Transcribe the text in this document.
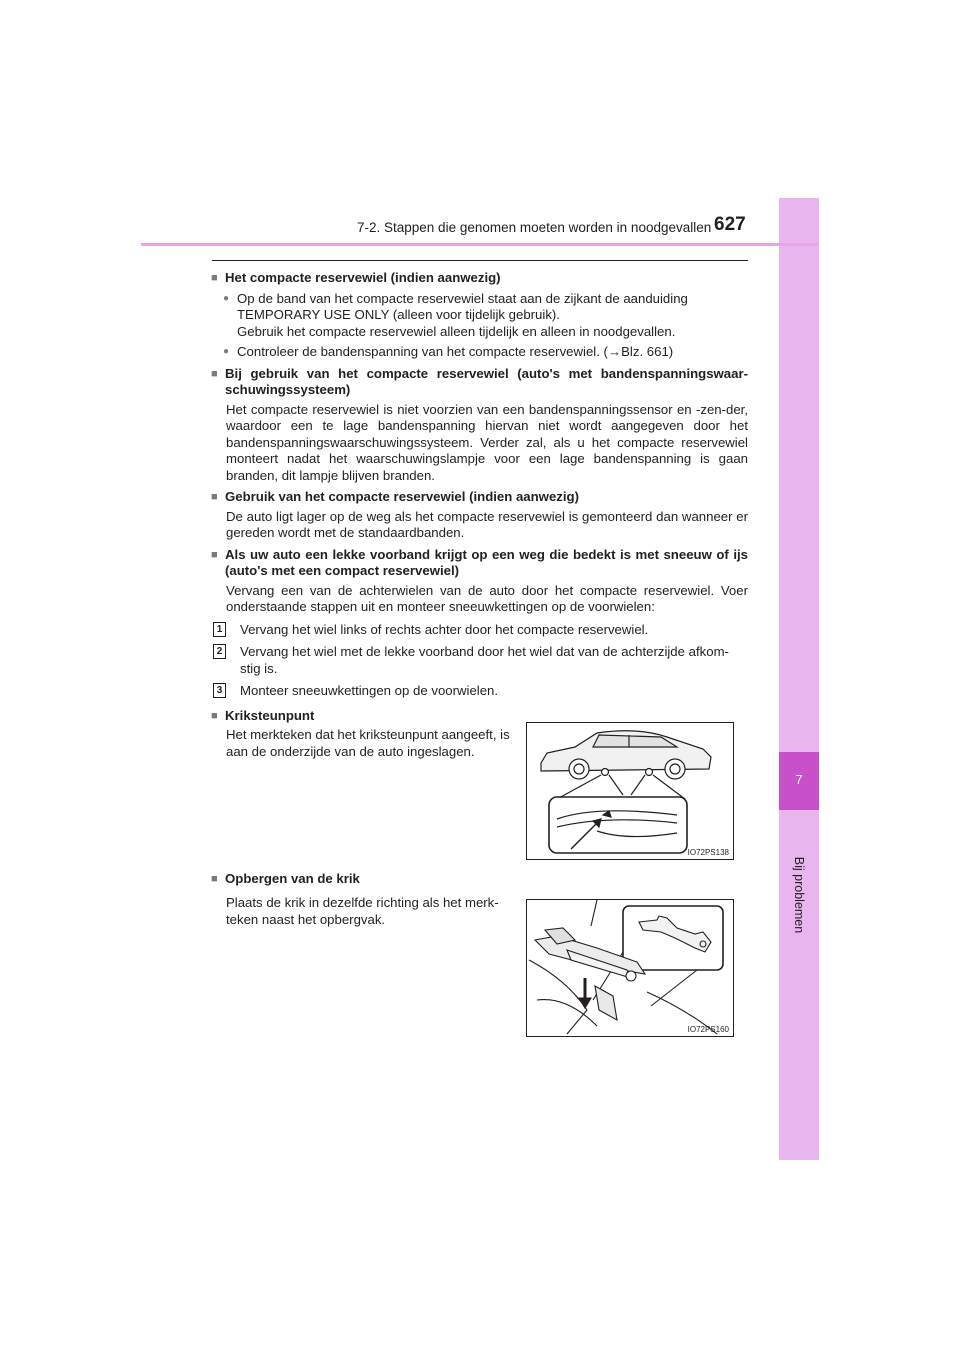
7
Bij problemen
7-2. Stappen die genomen moeten worden in noodgevallen 627
■ Het compacte reservewiel (indien aanwezig)
● Op de band van het compacte reservewiel staat aan de zijkant de aanduiding
TEMPORARY USE ONLY (alleen voor tijdelijk gebruik).
Gebruik het compacte reservewiel alleen tijdelijk en alleen in noodgevallen.
● Controleer de bandenspanning van het compacte reservewiel. (→Blz. 661)
■ Bij gebruik van het compacte reservewiel (auto's met bandenspanningswaar-schuwingssysteem)
Het compacte reservewiel is niet voorzien van een bandenspanningssensor en -zen-der, waardoor een te lage bandenspanning hiervan niet wordt aangegeven door het bandenspanningswaarschuwingssysteem. Verder zal, als u het compacte reservewiel monteert nadat het waarschuwingslampje voor een lage bandenspanning is gaan branden, dit lampje blijven branden.
■ Gebruik van het compacte reservewiel (indien aanwezig)
De auto ligt lager op de weg als het compacte reservewiel is gemonteerd dan wanneer er gereden wordt met de standaardbanden.
■ Als uw auto een lekke voorband krijgt op een weg die bedekt is met sneeuw of ijs (auto's met een compact reservewiel)
Vervang een van de achterwielen van de auto door het compacte reservewiel. Voer onderstaande stappen uit en monteer sneeuwkettingen op de voorwielen:
1 Vervang het wiel links of rechts achter door het compacte reservewiel.
2 Vervang het wiel met de lekke voorband door het wiel dat van de achterzijde afkom-stig is.
3 Monteer sneeuwkettingen op de voorwielen.
■ Kriksteunpunt
Het merkteken dat het kriksteunpunt aangeeft, is aan de onderzijde van de auto ingeslagen.
■ Opbergen van de krik
Plaats de krik in dezelfde richting als het merk-teken naast het opbergvak.
IO72PS138
IO72PS160
